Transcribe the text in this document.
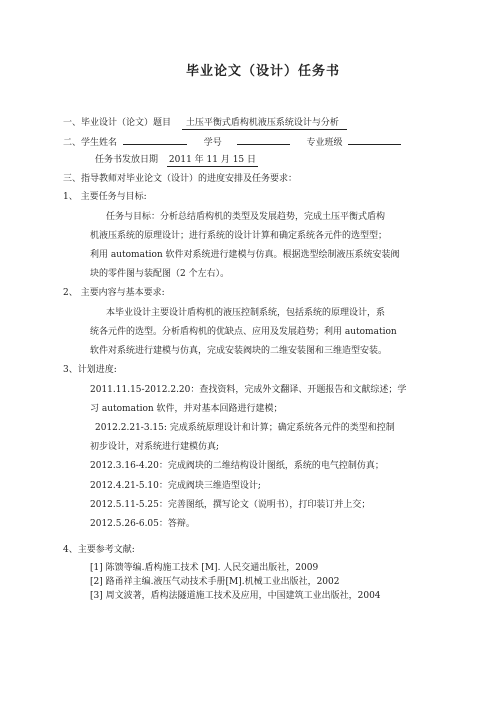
毕业论文（设计）任务书
一、毕业设计（论文）题目 土压平衡式盾构机液压系统设计与分析
二、学生姓名	学号	专业班级
任务书发放日期 2011 年 11 月 15 日
三、指导教师对毕业论文（设计）的进度安排及任务要求：
1、 主要任务与目标:
任务与目标：分析总结盾构机的类型及发展趋势，完成土压平衡式盾构
机液压系统的原理设计；进行系统的设计计算和确定系统各元件的选型型；
利用 automation 软件对系统进行建模与仿真。根据选型绘制液压系统安装阀
块的零件图与装配图（2 个左右）。
2、 主要内容与基本要求:
本毕业设计主要设计盾构机的液压控制系统，包括系统的原理设计，系
统各元件的选型。分析盾构机的优缺点、应用及发展趋势；利用 automation
软件对系统进行建模与仿真，完成安装阀块的二维安装图和三维造型安装。
3、计划进度:
2011.11.15-2012.2.20：查找资料，完成外文翻译、开题报告和文献综述；学
习 automation 软件，并对基本回路进行建模；
2012.2.21-3.15: 完成系统原理设计和计算；确定系统各元件的类型和控制
初步设计，对系统进行建模仿真;
2012.3.16-4.20：完成阀块的二维结构设计图纸，系统的电气控制仿真；
2012.4.21-5.10：完成阀块三维造型设计;
2012.5.11-5.25：完善图纸，撰写论文（说明书），打印装订并上交；
2012.5.26-6.05：答辩。
4、主要参考文献:
[1] 陈馈等编.盾构施工技术 [M]. 人民交通出版社，2009
[2] 路甬祥主编.液压气动技术手册[M].机械工业出版社，2002
[3] 周文波著，盾构法隧道施工技术及应用，中国建筑工业出版社，2004
